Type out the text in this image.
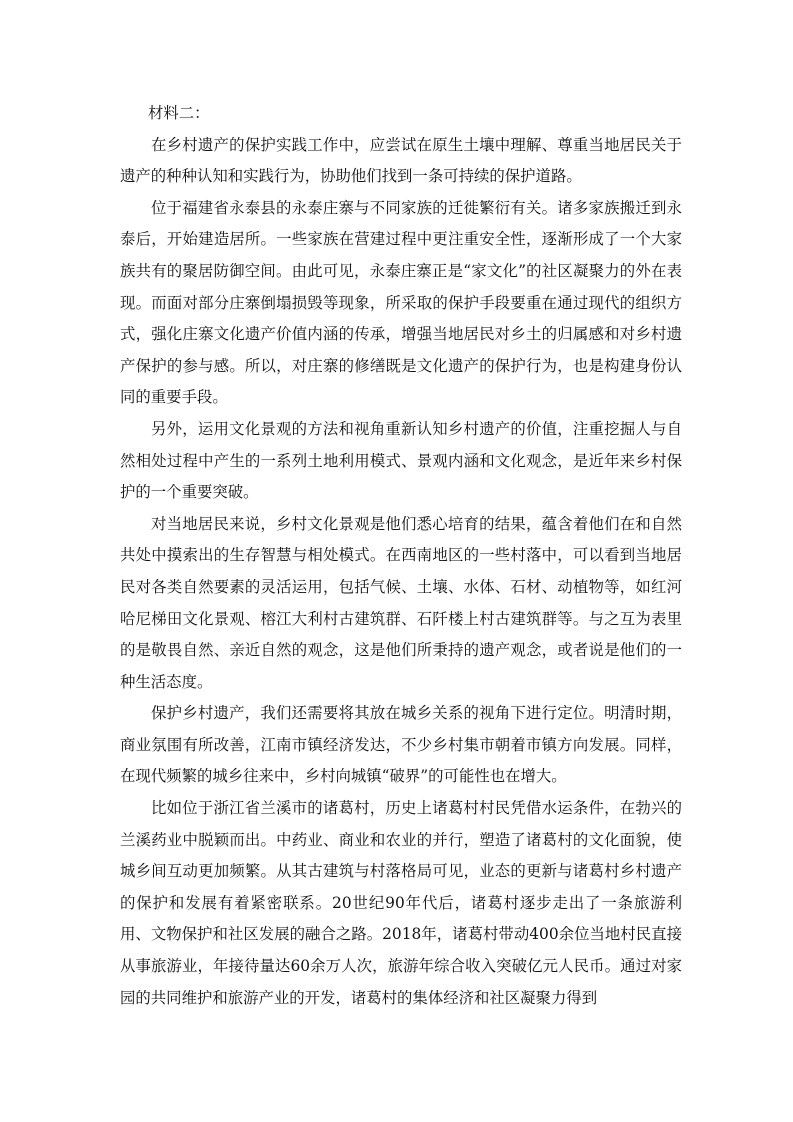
材料二：

在乡村遗产的保护实践工作中，应尝试在原生土壤中理解、尊重当地居民关于遗产的种种认知和实践行为，协助他们找到一条可持续的保护道路。

位于福建省永泰县的永泰庄寨与不同家族的迁徙繁衍有关。诸多家族搬迁到永泰后，开始建造居所。一些家族在营建过程中更注重安全性，逐渐形成了一个大家族共有的聚居防御空间。由此可见，永泰庄寨正是“家文化”的社区凝聚力的外在表现。而面对部分庄寨倒塌损毁等现象，所采取的保护手段要重在通过现代的组织方式，强化庄寨文化遗产价值内涵的传承，增强当地居民对乡土的归属感和对乡村遗产保护的参与感。所以，对庄寨的修缮既是文化遗产的保护行为，也是构建身份认同的重要手段。

另外，运用文化景观的方法和视角重新认知乡村遗产的价值，注重挖掘人与自然相处过程中产生的一系列土地利用模式、景观内涵和文化观念，是近年来乡村保护的一个重要突破。

对当地居民来说，乡村文化景观是他们悉心培育的结果，蕴含着他们在和自然共处中摸索出的生存智慧与相处模式。在西南地区的一些村落中，可以看到当地居民对各类自然要素的灵活运用，包括气候、土壤、水体、石材、动植物等，如红河哈尼梯田文化景观、榕江大利村古建筑群、石阡楼上村古建筑群等。与之互为表里的是敬畏自然、亲近自然的观念，这是他们所秉持的遗产观念，或者说是他们的一种生活态度。

保护乡村遗产，我们还需要将其放在城乡关系的视角下进行定位。明清时期，商业氛围有所改善，江南市镇经济发达，不少乡村集市朝着市镇方向发展。同样，在现代频繁的城乡往来中，乡村向城镇“破界”的可能性也在增大。

比如位于浙江省兰溪市的诸葛村，历史上诸葛村村民凭借水运条件，在勃兴的兰溪药业中脱颖而出。中药业、商业和农业的并行，塑造了诸葛村的文化面貌，使城乡间互动更加频繁。从其古建筑与村落格局可见，业态的更新与诸葛村乡村遗产的保护和发展有着紧密联系。20世纪90年代后，诸葛村逐步走出了一条旅游利用、文物保护和社区发展的融合之路。2018年，诸葛村带动400余位当地村民直接从事旅游业，年接待量达60余万人次，旅游年综合收入突破亿元人民币。通过对家园的共同维护和旅游产业的开发，诸葛村的集体经济和社区凝聚力得到
